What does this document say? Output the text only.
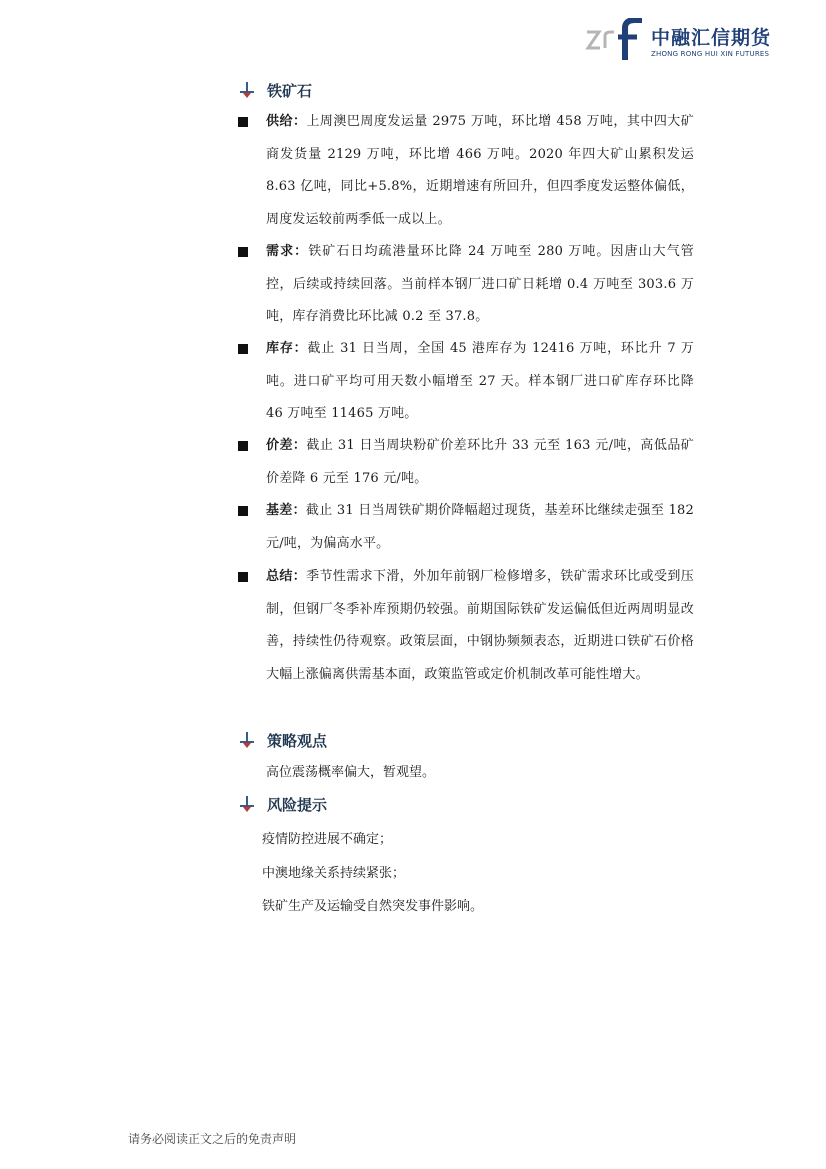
中融汇信期货
ZHONG RONG HUI XIN FUTURES
铁矿石
供给：上周澳巴周度发运量 2975 万吨，环比增 458 万吨，其中四大矿商发货量 2129 万吨，环比增 466 万吨。2020 年四大矿山累积发运 8.63 亿吨，同比+5.8%，近期增速有所回升，但四季度发运整体偏低，周度发运较前两季低一成以上。
需求：铁矿石日均疏港量环比降 24 万吨至 280 万吨。因唐山大气管控，后续或持续回落。当前样本钢厂进口矿日耗增 0.4 万吨至 303.6 万吨，库存消费比环比减 0.2 至 37.8。
库存：截止 31 日当周，全国 45 港库存为 12416 万吨，环比升 7 万吨。进口矿平均可用天数小幅增至 27 天。样本钢厂进口矿库存环比降 46 万吨至 11465 万吨。
价差：截止 31 日当周块粉矿价差环比升 33 元至 163 元/吨，高低品矿价差降 6 元至 176 元/吨。
基差：截止 31 日当周铁矿期价降幅超过现货，基差环比继续走强至 182 元/吨，为偏高水平。
总结：季节性需求下滑，外加年前钢厂检修增多，铁矿需求环比或受到压制，但钢厂冬季补库预期仍较强。前期国际铁矿发运偏低但近两周明显改善，持续性仍待观察。政策层面，中钢协频频表态，近期进口铁矿石价格大幅上涨偏离供需基本面，政策监管或定价机制改革可能性增大。
策略观点
高位震荡概率偏大，暂观望。
风险提示
疫情防控进展不确定；
中澳地缘关系持续紧张；
铁矿生产及运输受自然突发事件影响。
请务必阅读正文之后的免责声明
